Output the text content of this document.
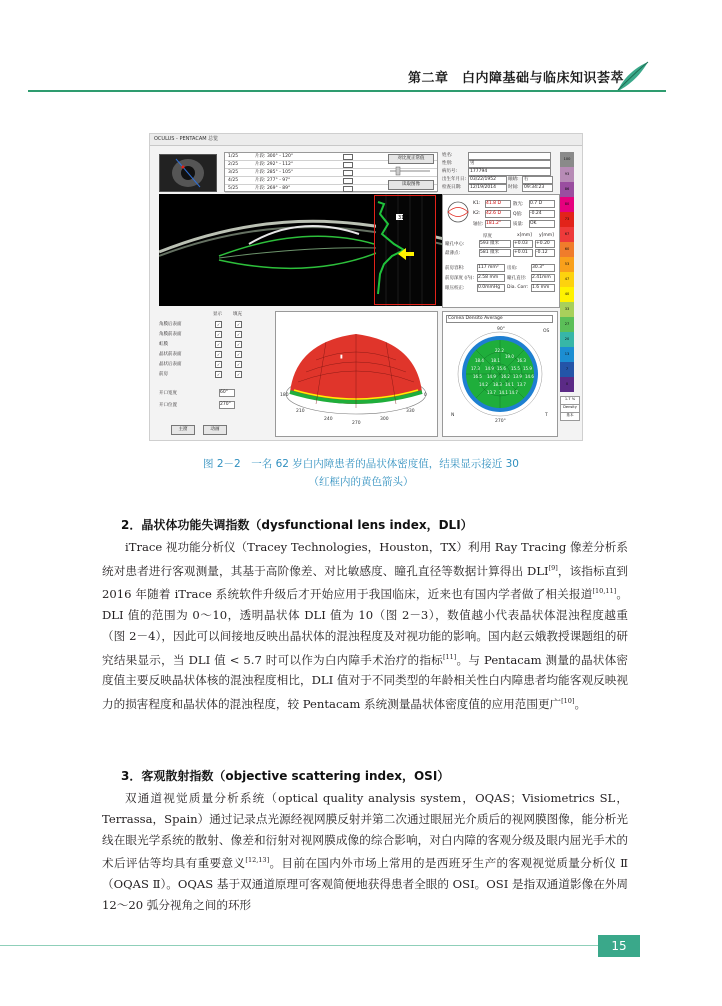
第二章　白内障基础与临床知识荟萃
OCULUS - PENTACAM 总览
1/25	片段: 300° - 120°
2/25	片段: 292° - 112°
3/25	片段: 285° - 105°
4/25	片段: 277° - 97°
5/25	片段: 269° - 89°
对比度正常值
读取图像
姓名:
性别:	男
病历号:	177794
出生年月日: 03/22/1952	眼睛:	右
检查日期:	12/19/2014	时间:	09:34:23
31.6
K1: 41.8 D	散光: 0.7 D
K2: 42.6 D	Q值: -0.24
轴位: 181.2°	质量: OK
厚度	x[mm] y[mm]
瞳孔中心:	593 微米	+0.03	+0.20
最薄点:	581 微米	+0.01	-0.12
前房容积:	117 mm³	房角:	30.3°
前房深度 (内): 2.58 mm	瞳孔直径: 2.41mm
眼压校正:	0.0mmHg	Dia. Corr: 1.6 mm
100
93
86
80
73
67
60
53
47
40
33
27
20
13
7
0
1.7 %
Density
基本
显示 填充
角膜后表面	✓	✓
角膜前表面	✓	✓
虹膜	✓	✓
晶状前表面	✓	✓
晶状后表面	✓	✓
前房	✓	✓
开口宽度	60°
开口位置	270°
主窗	动画
▮
180
210
240
270
300
330
0
Cornea Densito Average
22.2
19.0
18.4 18.1	16.3
17.3 14.9 15.6 15.5 15.9
16.5 14.9 16.2 13.9 14.6
14.2 18.3 14.1 13.7
13.7 14.1 14.7
OS
90°
270°
N	T
图 2－2　一名 62 岁白内障患者的晶状体密度值，结果显示接近 30
（红框内的黄色箭头）
2．晶状体功能失调指数（dysfunctional lens index，DLI）
iTrace 视功能分析仪（Tracey Technologies，Houston，TX）利用 Ray Tracing 像差分析系统对患者进行客观测量，其基于高阶像差、对比敏感度、瞳孔直径等数据计算得出 DLI[9]，该指标直到 2016 年随着 iTrace 系统软件升级后才开始应用于我国临床，近来也有国内学者做了相关报道[10,11]。DLI 值的范围为 0～10，透明晶状体 DLI 值为 10（图 2－3），数值越小代表晶状体混浊程度越重（图 2－4），因此可以间接地反映出晶状体的混浊程度及对视功能的影响。国内赵云娥教授课题组的研究结果显示，当 DLI 值 < 5.7 时可以作为白内障手术治疗的指标[11]。与 Pentacam 测量的晶状体密度值主要反映晶状体核的混浊程度相比，DLI 值对于不同类型的年龄相关性白内障患者均能客观反映视力的损害程度和晶状体的混浊程度，较 Pentacam 系统测量晶状体密度值的应用范围更广[10]。
3．客观散射指数（objective scattering index，OSI）
双通道视觉质量分析系统（optical quality analysis system，OQAS；Visiometrics SL，Terrassa，Spain）通过记录点光源经视网膜反射并第二次通过眼屈光介质后的视网膜图像，能分析光线在眼光学系统的散射、像差和衍射对视网膜成像的综合影响，对白内障的客观分级及眼内屈光手术的术后评估等均具有重要意义[12,13]。目前在国内外市场上常用的是西班牙生产的客观视觉质量分析仪 Ⅱ（OQAS Ⅱ）。OQAS 基于双通道原理可客观简便地获得患者全眼的 OSI。OSI 是指双通道影像在外周 12～20 弧分视角之间的环形
15
